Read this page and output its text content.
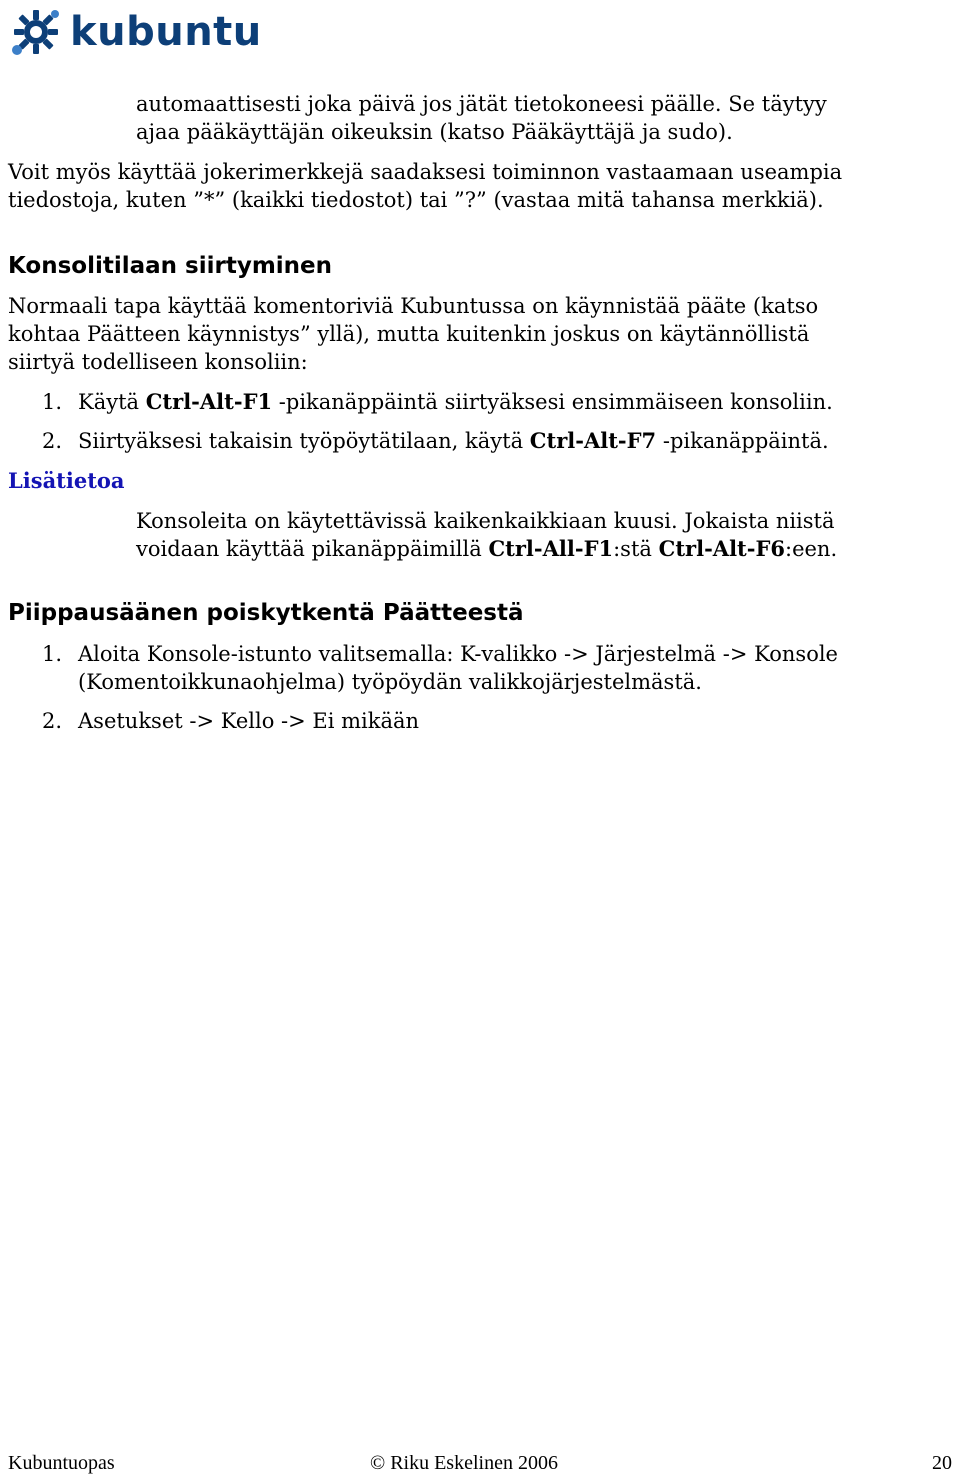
kubuntu

automaattisesti joka päivä jos jätät tietokoneesi päälle. Se täytyy

ajaa pääkäyttäjän oikeuksin (katso Pääkäyttäjä ja sudo).

Voit myös käyttää jokerimerkkejä saadaksesi toiminnon vastaamaan useampia

tiedostoja, kuten ”*” (kaikki tiedostot) tai ”?” (vastaa mitä tahansa merkkiä).

Konsolitilaan siirtyminen

Normaali tapa käyttää komentoriviä Kubuntussa on käynnistää pääte (katso

kohtaa Päätteen käynnistys” yllä), mutta kuitenkin joskus on käytännöllistä

siirtyä todelliseen konsoliin:

1. Käytä Ctrl-Alt-F1 -pikanäppäintä siirtyäksesi ensimmäiseen konsoliin.
2. Siirtyäksesi takaisin työpöytätilaan, käytä Ctrl-Alt-F7 -pikanäppäintä.
Lisätietoa

Konsoleita on käytettävissä kaikenkaikkiaan kuusi. Jokaista niistä

voidaan käyttää pikanäppäimillä Ctrl-All-F1:stä Ctrl-Alt-F6:een.

Piippausäänen poiskytkentä Päätteestä
1. Aloita Konsole-istunto valitsemalla: K-valikko -> Järjestelmä -> Konsole
(Komentoikkunaohjelma) työpöydän valikkojärjestelmästä.
2. Asetukset -> Kello -> Ei mikään
Kubuntuopas	© Riku Eskelinen 2006	20
